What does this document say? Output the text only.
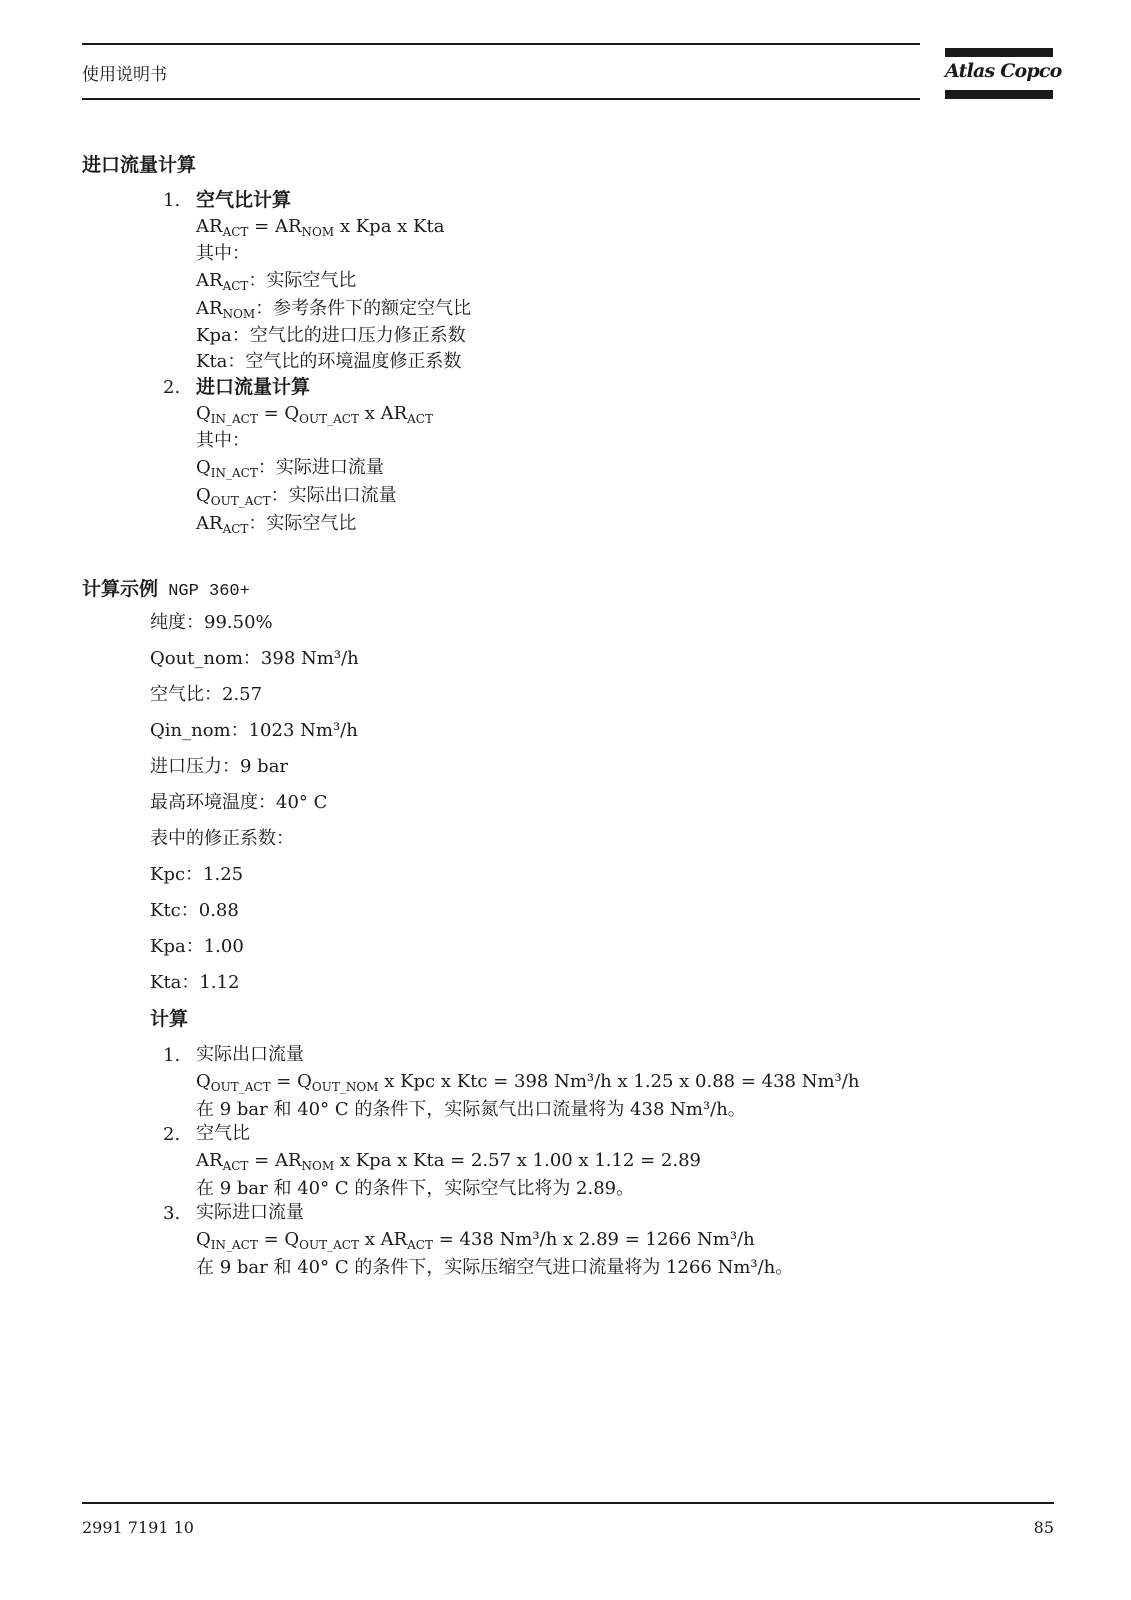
使用说明书	Atlas Copco
进口流量计算
1. 空气比计算
$AR_{ACT} = AR_{NOM}$ x Kpa x Kta
其中：
$AR_{ACT}$：实际空气比
$AR_{NOM}$：参考条件下的额定空气比
Kpa：空气比的进口压力修正系数
Kta：空气比的环境温度修正系数
2. 进口流量计算
$Q_{IN\_ACT} = Q_{OUT\_ACT}$ x $AR_{ACT}$
其中：
$Q_{IN\_ACT}$：实际进口流量
$Q_{OUT\_ACT}$：实际出口流量
$AR_{ACT}$：实际空气比
计算示例 NGP 360+
纯度：99.50%
Qout_nom：398 Nm³/h
空气比：2.57
Qin_nom：1023 Nm³/h
进口压力：9 bar
最高环境温度：40° C
表中的修正系数：
Kpc：1.25
Ktc：0.88
Kpa：1.00
Kta：1.12
计算
1. 实际出口流量
$Q_{OUT\_ACT} = Q_{OUT\_NOM}$ x Kpc x Ktc = 398 Nm³/h x 1.25 x 0.88 = 438 Nm³/h
在 9 bar 和 40° C 的条件下，实际氮气出口流量将为 438 Nm³/h。
2. 空气比
$AR_{ACT} = AR_{NOM}$ x Kpa x Kta = 2.57 x 1.00 x 1.12 = 2.89
在 9 bar 和 40° C 的条件下，实际空气比将为 2.89。
3. 实际进口流量
$Q_{IN\_ACT} = Q_{OUT\_ACT}$ x $AR_{ACT} = 438$ Nm³/h x 2.89 = 1266 Nm³/h
在 9 bar 和 40° C 的条件下，实际压缩空气进口流量将为 1266 Nm³/h。
2991 7191 10	85
